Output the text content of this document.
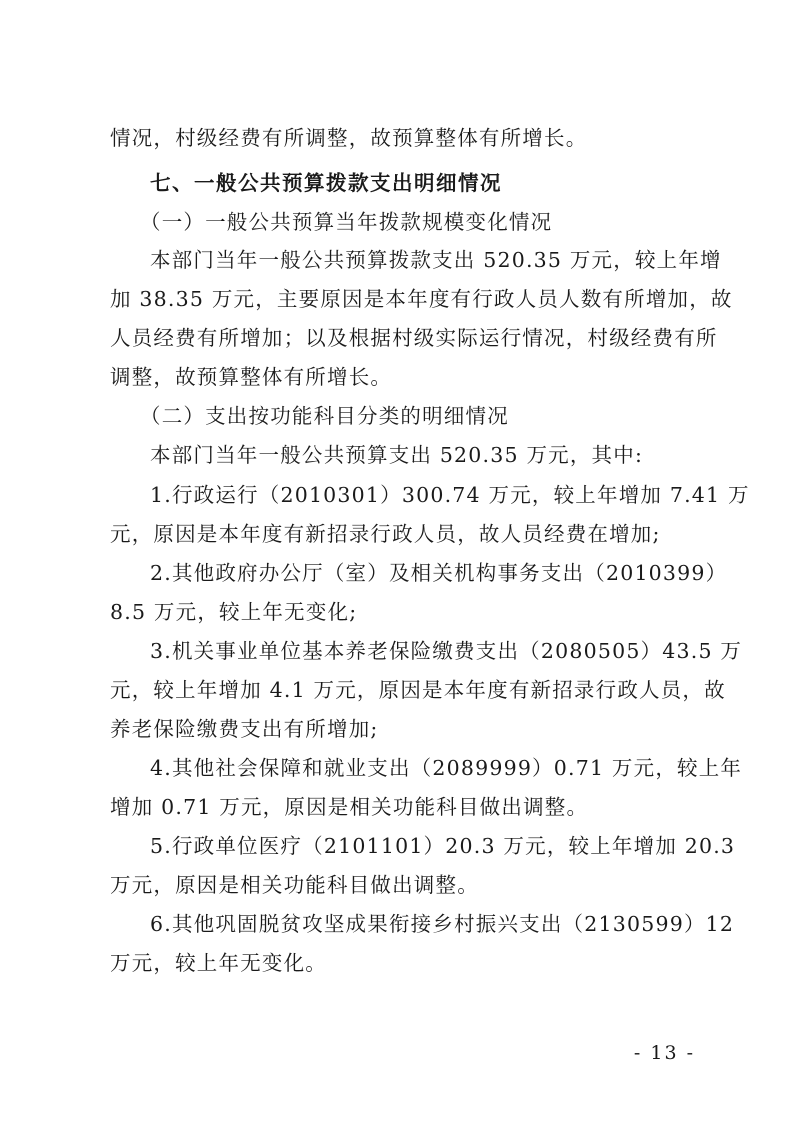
情况，村级经费有所调整，故预算整体有所增长。
七、一般公共预算拨款支出明细情况
（一）一般公共预算当年拨款规模变化情况
本部门当年一般公共预算拨款支出 520.35 万元，较上年增
加 38.35 万元，主要原因是本年度有行政人员人数有所增加，故
人员经费有所增加；以及根据村级实际运行情况，村级经费有所
调整，故预算整体有所增长。
（二）支出按功能科目分类的明细情况
本部门当年一般公共预算支出 520.35 万元，其中:
1.行政运行（2010301）300.74 万元，较上年增加 7.41 万
元，原因是本年度有新招录行政人员，故人员经费在增加;
2.其他政府办公厅（室）及相关机构事务支出（2010399）
8.5 万元，较上年无变化;
3.机关事业单位基本养老保险缴费支出（2080505）43.5 万
元，较上年增加 4.1 万元，原因是本年度有新招录行政人员，故
养老保险缴费支出有所增加;
4.其他社会保障和就业支出（2089999）0.71 万元，较上年
增加 0.71 万元，原因是相关功能科目做出调整。
5.行政单位医疗（2101101）20.3 万元，较上年增加 20.3
万元，原因是相关功能科目做出调整。
6.其他巩固脱贫攻坚成果衔接乡村振兴支出（2130599）12
万元，较上年无变化。
- 13 -
